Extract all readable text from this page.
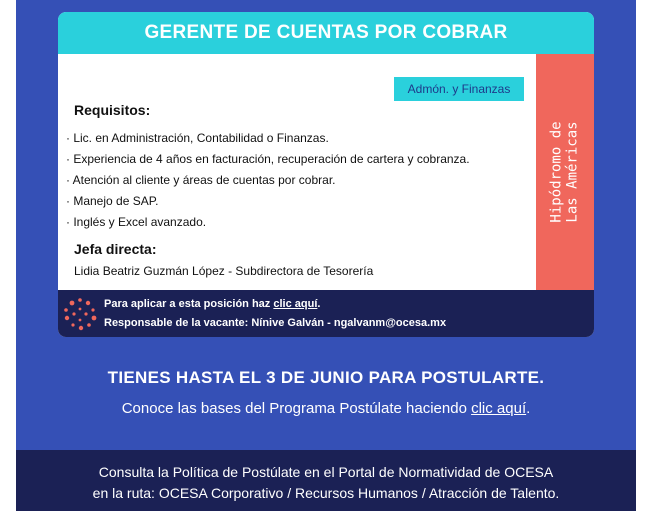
GERENTE DE CUENTAS POR COBRAR
Admón. y Finanzas
Requisitos:
· Lic. en Administración, Contabilidad o Finanzas.
· Experiencia de 4 años en facturación, recuperación de cartera y cobranza.
· Atención al cliente y áreas de cuentas por cobrar.
· Manejo de SAP.
· Inglés y Excel avanzado.
Jefa directa:
Lidia Beatriz Guzmán López - Subdirectora de Tesorería
Hipódromo de
Las Américas
Para aplicar a esta posición haz clic aquí.
Responsable de la vacante: Nínive Galván - ngalvanm@ocesa.mx
TIENES HASTA EL 3 DE JUNIO PARA POSTULARTE.
Conoce las bases del Programa Postúlate haciendo clic aquí.
Consulta la Política de Postúlate en el Portal de Normatividad de OCESA
en la ruta: OCESA Corporativo / Recursos Humanos / Atracción de Talento.
